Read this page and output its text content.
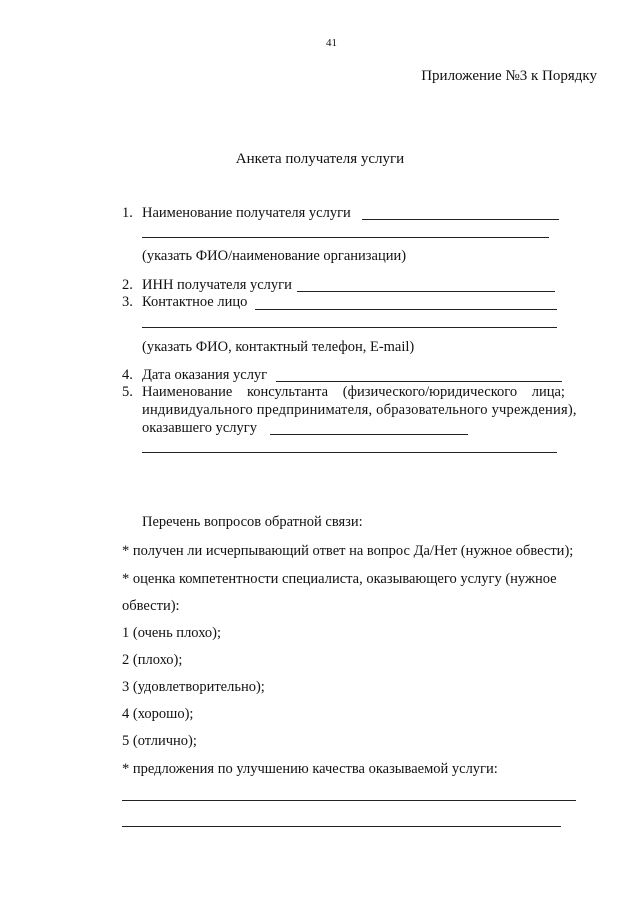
41
Приложение №3 к Порядку
Анкета получателя услуги
1. Наименование получателя услуги
(указать ФИО/наименование организации)
2. ИНН получателя услуги
3. Контактное лицо
(указать ФИО, контактный телефон, E-mail)
4. Дата оказания услуг
5. Наименование консультанта (физического/юридического лица;
индивидуального предпринимателя, образовательного учреждения),
оказавшего услугу
Перечень вопросов обратной связи:
* получен ли исчерпывающий ответ на вопрос Да/Нет (нужное обвести);
* оценка компетентности специалиста, оказывающего услугу (нужное
обвести):
1 (очень плохо);
2 (плохо);
3 (удовлетворительно);
4 (хорошо);
5 (отлично);
* предложения по улучшению качества оказываемой услуги:
